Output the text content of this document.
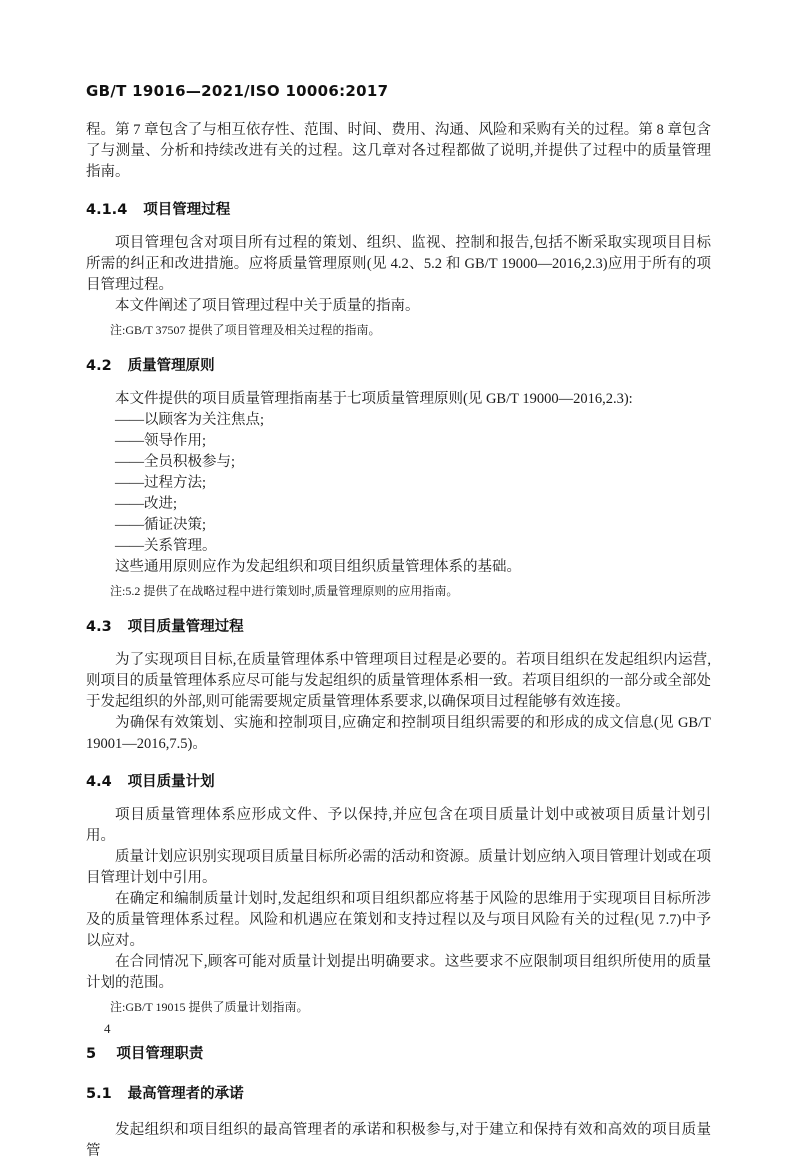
GB/T 19016—2021/ISO 10006:2017

程。第 7 章包含了与相互依存性、范围、时间、费用、沟通、风险和采购有关的过程。第 8 章包含了与测量、分析和持续改进有关的过程。这几章对各过程都做了说明,并提供了过程中的质量管理指南。

4.1.4 项目管理过程

项目管理包含对项目所有过程的策划、组织、监视、控制和报告,包括不断采取实现项目目标所需的纠正和改进措施。应将质量管理原则(见 4.2、5.2 和 GB/T 19000—2016,2.3)应用于所有的项目管理过程。

本文件阐述了项目管理过程中关于质量的指南。

注:GB/T 37507 提供了项目管理及相关过程的指南。
4.2 质量管理原则

本文件提供的项目质量管理指南基于七项质量管理原则(见 GB/T 19000—2016,2.3):

——以顾客为关注焦点;
——领导作用;
——全员积极参与;
——过程方法;
——改进;
——循证决策;
——关系管理。

这些通用原则应作为发起组织和项目组织质量管理体系的基础。

注:5.2 提供了在战略过程中进行策划时,质量管理原则的应用指南。
4.3 项目质量管理过程

为了实现项目目标,在质量管理体系中管理项目过程是必要的。若项目组织在发起组织内运营,则项目的质量管理体系应尽可能与发起组织的质量管理体系相一致。若项目组织的一部分或全部处于发起组织的外部,则可能需要规定质量管理体系要求,以确保项目过程能够有效连接。

为确保有效策划、实施和控制项目,应确定和控制项目组织需要的和形成的成文信息(见 GB/T 19001—2016,7.5)。

4.4 项目质量计划

项目质量管理体系应形成文件、予以保持,并应包含在项目质量计划中或被项目质量计划引用。

质量计划应识别实现项目质量目标所必需的活动和资源。质量计划应纳入项目管理计划或在项目管理计划中引用。

在确定和编制质量计划时,发起组织和项目组织都应将基于风险的思维用于实现项目目标所涉及的质量管理体系过程。风险和机遇应在策划和支持过程以及与项目风险有关的过程(见 7.7)中予以应对。

在合同情况下,顾客可能对质量计划提出明确要求。这些要求不应限制项目组织所使用的质量计划的范围。

注:GB/T 19015 提供了质量计划指南。
5 项目管理职责
5.1 最高管理者的承诺

发起组织和项目组织的最高管理者的承诺和积极参与,对于建立和保持有效和高效的项目质量管

4
